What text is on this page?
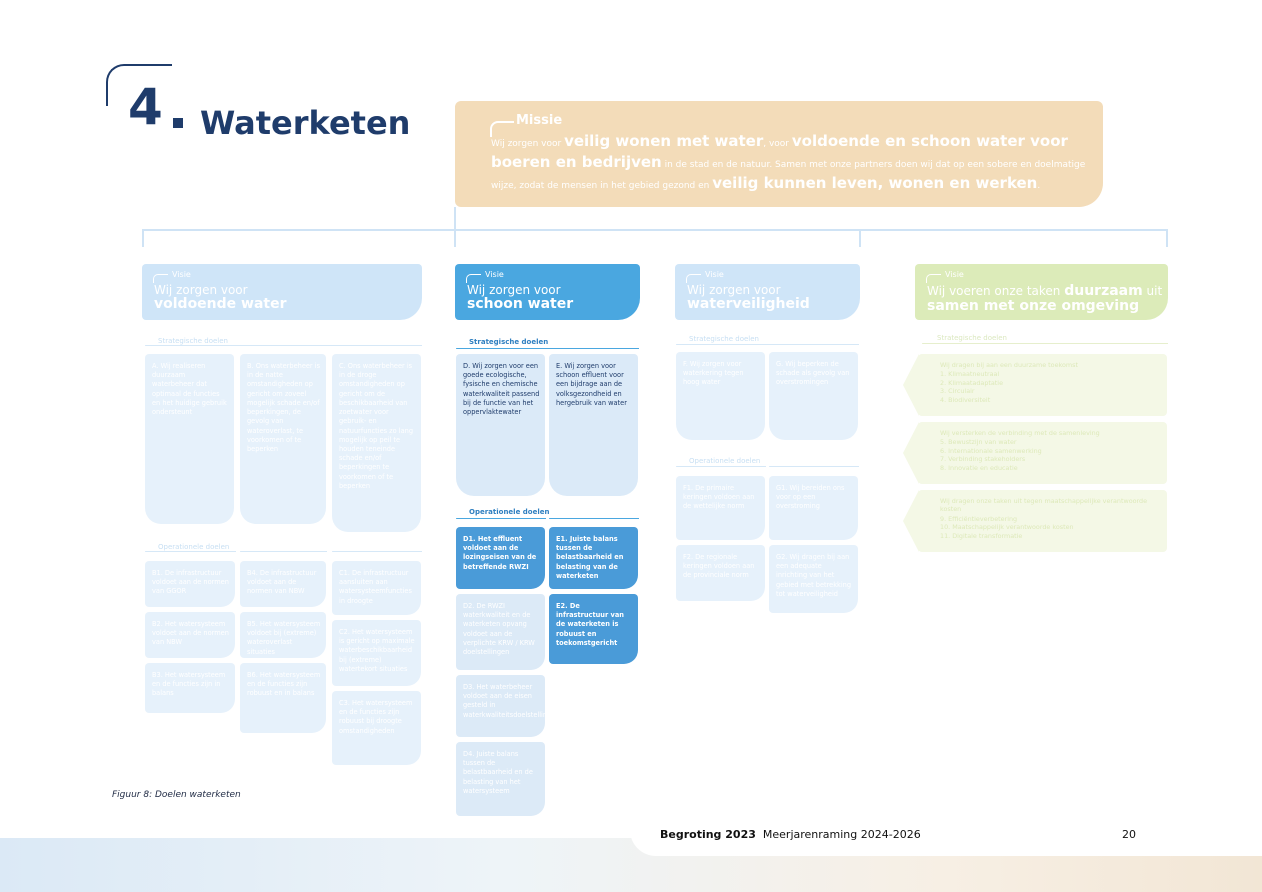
4 Waterketen	Missie
Wij zorgen voor veilig wonen met water, voor voldoende en schoon water voor boeren en bedrijven in de stad en de natuur. Samen met onze partners doen wij dat op een sobere en doelmatige wijze, zodat de mensen in het gebied gezond en veilig kunnen leven, wonen en werken.
Visie
Wij zorgen voor
voldoende water
Strategische doelen
A. Wij realiseren duurzaam waterbeheer dat optimaal de functies en het huidige gebruik ondersteunt
B. Ons waterbeheer is in de natte omstandigheden op gericht om zoveel mogelijk schade en/of beperkingen, de gevolg van wateroverlast, te voorkomen of te beperken
C. Ons waterbeheer is in de droge omstandigheden op gericht om de beschikbaarheid van zoetwater voor gebruik- en natuurfuncties zo lang mogelijk op peil te houden teneinde schade en/of beperkingen te voorkomen of te beperken
Operationele doelen
B1. De infrastructuur voldoet aan de normen van GGOR
B2. Het watersysteem voldoet aan de normen van NBW
B3. Het watersysteem en de functies zijn in balans
B4. De infrastructuur voldoet aan de normen van NBW
B5. Het watersysteem voldoet bij (extreme) wateroverlast situaties
B6. Het watersysteem en de functies zijn robuust en in balans
C1. De infrastructuur aansluiten aan watersysteemfuncties in droogte
C2. Het watersysteem is gericht op maximale waterbeschikbaarheid bij (extreme) watertekort situaties
C3. Het watersysteem en de functies zijn robuust bij droogte omstandigheden
Visie
Wij zorgen voor
schoon water
Strategische doelen
D. Wij zorgen voor een goede ecologische, fysische en chemische waterkwaliteit passend bij de functie van het oppervlaktewater
E. Wij zorgen voor schoon effluent voor een bijdrage aan de volksgezondheid en hergebruik van water
Operationele doelen
D1. Het effluent voldoet aan de lozingseisen van de betreffende RWZI
D2. De RWZI waterkwaliteit en de waterketen opvang voldoet aan de verplichte KRW / KRW doelstellingen
D3. Het waterbeheer voldoet aan de eisen gesteld in waterkwaliteitsdoelstellingen
D4. Juiste balans tussen de belastbaarheid en de belasting van het watersysteem
E1. Juiste balans tussen de belastbaarheid en belasting van de waterketen
E2. De infrastructuur van de waterketen is robuust en toekomstgericht
Visie
Wij zorgen voor
waterveiligheid
Strategische doelen
F. Wij zorgen voor waterkering tegen hoog water
G. Wij beperken de schade als gevolg van overstromingen
Operationele doelen
F1. De primaire keringen voldoen aan de wettelijke norm
G1. Wij bereiden ons voor op een overstroming
F2. De regionale keringen voldoen aan de provinciale norm
G2. Wij dragen bij aan een adequate inrichting van het gebied met betrekking tot waterveiligheid
Visie
Wij voeren onze taken duurzaam uit
samen met onze omgeving
Strategische doelen
Wij dragen bij aan een duurzame toekomst
1. Klimaatneutraal
2. Klimaatadaptatie
3. Circulair
4. Biodiversiteit
Wij versterken de verbinding met de samenleving
5. Bewustzijn van water
6. Internationale samenwerking
7. Verbinding stakeholders
8. Innovatie en educatie
Wij dragen onze taken uit tegen maatschappelijke verantwoorde kosten
9. Efficiëntieverbetering
10. Maatschappelijk verantwoorde kosten
11. Digitale transformatie
Figuur 8: Doelen waterketen
Begroting 2023 Meerjarenraming 2024-2026	20
